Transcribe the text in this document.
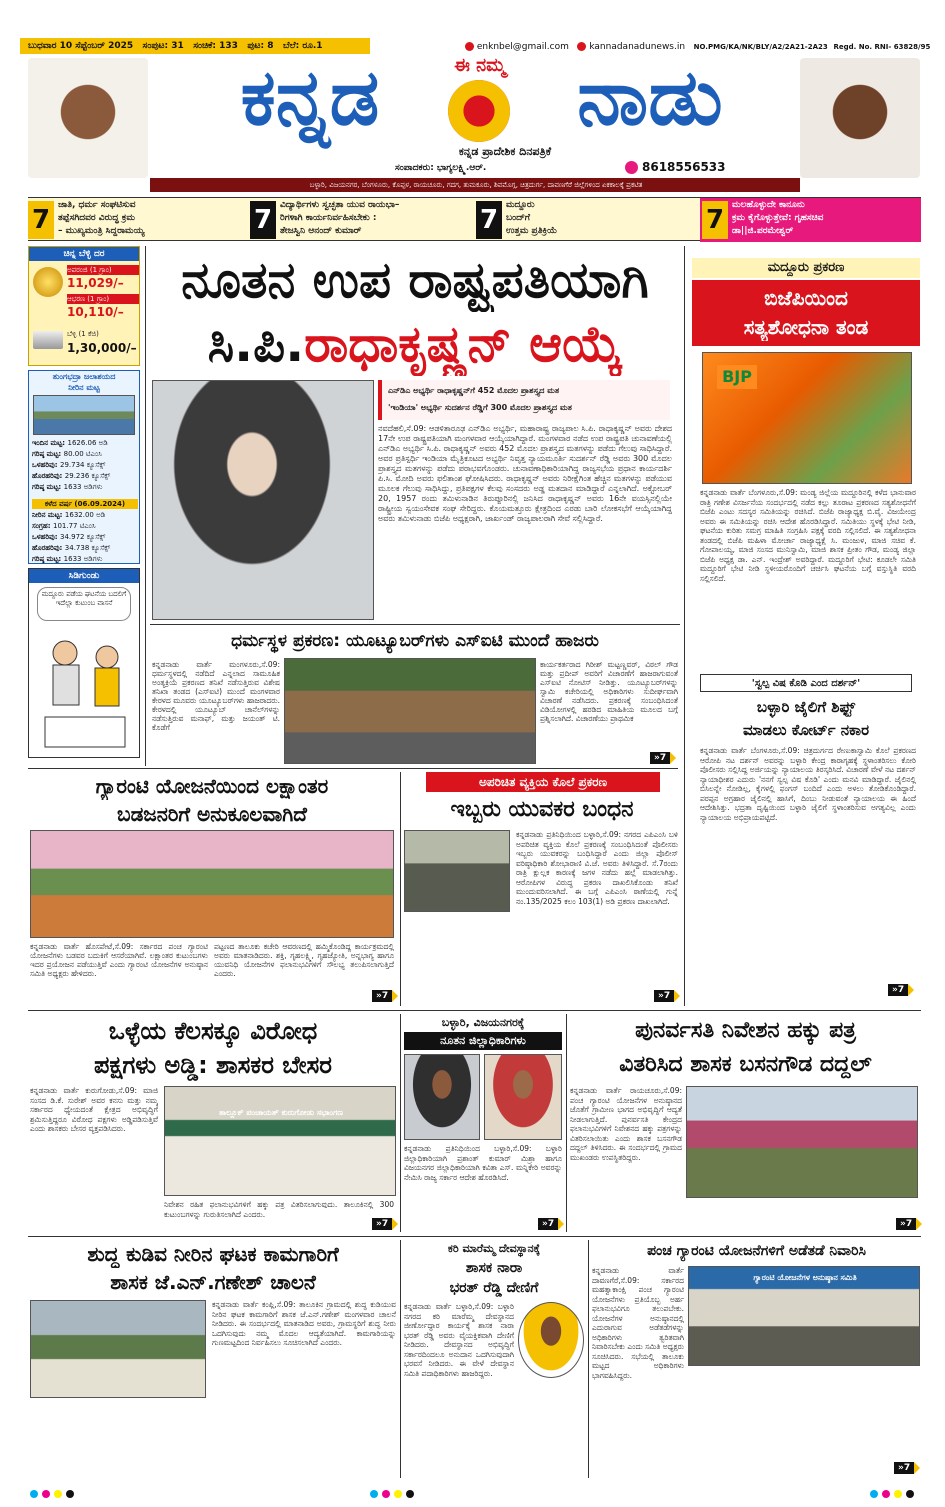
ಬುಧವಾರ 10 ಸೆಪ್ಟೆಂಬರ್ 2025 ಸಂಪುಟ: 31 ಸಂಚಿಕೆ: 133 ಪುಟ: 8 ಬೆಲೆ: ರೂ.1	enknbel@gmail.com kannadanadunews.in NO.PMG/KA/NK/BLY/A2/2A21-2A23 Regd. No. RNI- 63828/95
ಕನ್ನಡ	ಈ ನಮ್ಮ ನಾಡು
ಕನ್ನಡ ಪ್ರಾದೇಶಿಕ ದಿನಪತ್ರಿಕೆ
ಸಂಪಾದಕರು: ಭಾಗ್ಯಲಕ್ಷ್ಮಿ.ಆರ್.	8618556533
ಬಳ್ಳಾರಿ, ವಿಜಯನಗರ, ಬೆಂಗಳೂರು, ಕೊಪ್ಪಳ, ರಾಯಚೂರು, ಗದಗ, ತುಮಕೂರು, ಶಿವಮೊಗ್ಗ, ಚಿತ್ರದುರ್ಗ, ದಾವಣಗೆರೆ ಜಿಲ್ಲೆಗಳಿಂದ ಏಕಕಾಲಕ್ಕೆ ಪ್ರಕಟಿತ
7 ಜಾತಿ, ಧರ್ಮ ಸಂಘಟಿಸುವ
ತಪ್ಪೆಸಗಿದವರ ವಿರುದ್ಧ ಕ್ರಮ
– ಮುಖ್ಯಮಂತ್ರಿ ಸಿದ್ದರಾಮಯ್ಯ	7 ವಿದ್ಯಾರ್ಥಿಗಳು ಸ್ವಚ್ಛತಾ ಯುವ ರಾಯಭಾ–
ರಿಗಳಾಗಿ ಕಾರ್ಯನಿರ್ವಹಿಸಬೇಕು :
ತೇಜಸ್ವಿನಿ ಆನಂದ್ ಕುಮಾರ್	7 ಮದ್ದೂರು
ಬಂದ್‌ಗೆ
ಉತ್ತಮ ಪ್ರತಿಕ್ರಿಯೆ	7 ಮಲಹೊಳ್ಳುದೇ ಕಾನೂನು
ಕ್ರಮ ಕೈಗೊಳ್ಳುತ್ತೇವೆ: ಗೃಹಸಚಿವ
ಡಾ||ಜಿ.ಪರಮೇಶ್ವರ್
ಚಿನ್ನ ಬೆಳ್ಳಿ ದರ
ಅಪರಂಜಿ (1 ಗ್ರಾಂ)
11,029/–
ಆಭರಣ (1 ಗ್ರಾಂ)
10,110/–
ಬೆಳ್ಳಿ (1 ಕೆಜಿ)
1,30,000/–
ತುಂಗಭದ್ರಾ ಜಲಾಶಯದ
ನೀರಿನ ಮಟ್ಟ
ಇಂದಿನ ಮಟ್ಟ: 1626.06 ಅಡಿ
ಗರಿಷ್ಠ ಮಟ್ಟ: 80.00 ಟಿಎಂಸಿ
ಒಳಹರಿವು: 29.734 ಕ್ಯೂಸೆಕ್ಸ್
ಹೊರಹರಿವು: 29.236 ಕ್ಯೂಸೆಕ್ಸ್
ಗರಿಷ್ಠ ಮಟ್ಟ: 1633 ಅಡಿಗಳು
ಕಳೆದ ವರ್ಷ (06.09.2024)
ನೀರಿನ ಮಟ್ಟ: 1632.00 ಅಡಿ
ಸಂಗ್ರಹ: 101.77 ಟಿಎಂಸಿ
ಒಳಹರಿವು: 34.972 ಕ್ಯೂಸೆಕ್ಸ್
ಹೊರಹರಿವು: 34.738 ಕ್ಯೂಸೆಕ್ಸ್
ಗರಿಷ್ಠ ಮಟ್ಟ: 1633 ಅಡಿಗಳು
ಸಿಡಿಗುಂಡು
ಮದ್ದೂರು ಪಡೆಯ ಘಟನೆಯ ಬದಲಿಗೆ ಇದೆಲ್ಲಾ ಕುಟುಂಬ ವಾಸನೆ
ನೂತನ ಉಪ ರಾಷ್ಟ್ರಪತಿಯಾಗಿ
ಸಿ.ಪಿ.ರಾಧಾಕೃಷ್ಣನ್ ಆಯ್ಕೆ
ಎನ್‌ಡಿಎ ಅಭ್ಯರ್ಥಿ ರಾಧಾಕೃಷ್ಣನ್‌ಗೆ 452 ಮೊದಲ ಪ್ರಾಶಸ್ತ್ಯದ ಮತ
'ಇಂಡಿಯಾ' ಅಭ್ಯರ್ಥಿ ಸುದರ್ಶನ ರೆಡ್ಡಿಗೆ 300 ಮೊದಲ ಪ್ರಾಶಸ್ತ್ಯದ ಮತ
ನವದೆಹಲಿ,ಸೆ.09: ಆಡಳಿತಾರೂಢ ಎನ್‌ಡಿಎ ಅಭ್ಯರ್ಥಿ, ಮಹಾರಾಷ್ಟ್ರ ರಾಜ್ಯಪಾಲ ಸಿ.ಪಿ. ರಾಧಾಕೃಷ್ಣನ್ ಅವರು ದೇಶದ 17ನೇ ಉಪ ರಾಷ್ಟ್ರಪತಿಯಾಗಿ ಮಂಗಳವಾರ ಆಯ್ಕೆಯಾಗಿದ್ದಾರೆ. ಮಂಗಳವಾರ ನಡೆದ ಉಪ ರಾಷ್ಟ್ರಪತಿ ಚುನಾವಣೆಯಲ್ಲಿ ಎನ್‌ಡಿಎ ಅಭ್ಯರ್ಥಿ ಸಿ.ಪಿ. ರಾಧಾಕೃಷ್ಣನ್ ಅವರು 452 ಮೊದಲ ಪ್ರಾಶಸ್ತ್ಯದ ಮತಗಳನ್ನು ಪಡೆದು ಗೆಲುವು ಸಾಧಿಸಿದ್ದಾರೆ. ಅವರ ಪ್ರತಿಸ್ಪರ್ಧಿ ಇಂಡಿಯಾ ಮೈತ್ರಿಕೂಟದ ಅಭ್ಯರ್ಥಿ ನಿವೃತ್ತ ನ್ಯಾಯಮೂರ್ತಿ ಸುದರ್ಶನ್ ರೆಡ್ಡಿ ಅವರು 300 ಮೊದಲ ಪ್ರಾಶಸ್ತ್ಯದ ಮತಗಳನ್ನು ಪಡೆದು ಪರಾಭವಗೊಂಡರು. ಚುನಾವಣಾಧಿಕಾರಿಯಾಗಿದ್ದ ರಾಜ್ಯಸಭೆಯ ಪ್ರಧಾನ ಕಾರ್ಯದರ್ಶಿ ಪಿ.ಸಿ. ಮೋದಿ ಅವರು ಫಲಿತಾಂಶ ಘೋಷಿಸಿದರು. ರಾಧಾಕೃಷ್ಣನ್ ಅವರು ನಿರೀಕ್ಷೆಗಿಂತ ಹೆಚ್ಚಿನ ಮತಗಳನ್ನು ಪಡೆಯುವ ಮೂಲಕ ಗೆಲುವು ಸಾಧಿಸಿದ್ದು, ಪ್ರತಿಪಕ್ಷಗಳ ಕೆಲವು ಸಂಸದರು ಅಡ್ಡ ಮತದಾನ ಮಾಡಿದ್ದಾರೆ ಎನ್ನಲಾಗಿದೆ. ಅಕ್ಟೋಬರ್ 20, 1957 ರಂದು ತಮಿಳುನಾಡಿನ ತಿರುಪ್ಪೂರಿನಲ್ಲಿ ಜನಿಸಿದ ರಾಧಾಕೃಷ್ಣನ್ ಅವರು 16ನೇ ವಯಸ್ಸಿನಲ್ಲಿಯೇ ರಾಷ್ಟ್ರೀಯ ಸ್ವಯಂಸೇವಕ ಸಂಘ ಸೇರಿದ್ದರು. ಕೊಯಮತ್ತೂರು ಕ್ಷೇತ್ರದಿಂದ ಎರಡು ಬಾರಿ ಲೋಕಸಭೆಗೆ ಆಯ್ಕೆಯಾಗಿದ್ದ ಅವರು ತಮಿಳುನಾಡು ಬಿಜೆಪಿ ಅಧ್ಯಕ್ಷರಾಗಿ, ಜಾರ್ಖಂಡ್ ರಾಜ್ಯಪಾಲರಾಗಿ ಸೇವೆ ಸಲ್ಲಿಸಿದ್ದಾರೆ.
ಧರ್ಮಸ್ಥಳ ಪ್ರಕರಣ: ಯೂಟ್ಯೂಬರ್‌ಗಳು ಎಸ್‌ಐಟಿ ಮುಂದೆ ಹಾಜರು
ಕನ್ನಡನಾಡು ವಾರ್ತೆ ಮಂಗಳೂರು,ಸೆ.09: ಧರ್ಮಸ್ಥಳದಲ್ಲಿ ನಡೆದಿದೆ ಎನ್ನಲಾದ ಸಾಮೂಹಿಕ ಅಂತ್ಯಕ್ರಿಯೆ ಪ್ರಕರಣದ ತನಿಖೆ ನಡೆಸುತ್ತಿರುವ ವಿಶೇಷ ತನಿಖಾ ತಂಡದ (ಎಸ್‌ಐಟಿ) ಮುಂದೆ ಮಂಗಳವಾರ ಕೇರಳದ ಮೂವರು ಯೂಟ್ಯೂಬರ್‌ಗಳು ಹಾಜರಾದರು. ಕೇರಳದಲ್ಲಿ ಯೂಟ್ಯೂಬ್ ಚಾನೆಲ್‌ಗಳನ್ನು ನಡೆಸುತ್ತಿರುವ ಮನಾಫ್, ಮತ್ತು ಜಯಂತ್ ಟಿ. ಕೊಡೆಗೆ
ಕಾರ್ಯಕರ್ತರಾದ ಗಿರೀಶ್ ಮಟ್ಟಣ್ಣವರ್, ವಿಠಲ್ ಗೌಡ ಮತ್ತು ಪ್ರದೀಪ್ ಅವರಿಗೆ ವಿಚಾರಣೆಗೆ ಹಾಜರಾಗುವಂತೆ ಎಸ್‌ಐಟಿ ನೋಟಿಸ್ ನೀಡಿತ್ತು. ಯೂಟ್ಯೂಬರ್‌ಗಳನ್ನು ಸ್ವಾಮಿ ಕಚೇರಿಯಲ್ಲಿ ಅಧಿಕಾರಿಗಳು ಸುದೀರ್ಘವಾಗಿ ವಿಚಾರಣೆ ನಡೆಸಿದರು. ಪ್ರಕರಣಕ್ಕೆ ಸಂಬಂಧಿಸಿದಂತೆ ವಿಡಿಯೋಗಳಲ್ಲಿ ಹರಡಿದ ಮಾಹಿತಿಯ ಮೂಲದ ಬಗ್ಗೆ ಪ್ರಶ್ನಿಸಲಾಗಿದೆ. ವಿಚಾರಣೆಯು ಪ್ರಾಥಮಿಕ
»7
ಮದ್ದೂರು ಪ್ರಕರಣ
ಬಿಜೆಪಿಯಿಂದ
ಸತ್ಯಶೋಧನಾ ತಂಡ
BJP
ಕನ್ನಡನಾಡು ವಾರ್ತೆ ಬೆಂಗಳೂರು,ಸೆ.09: ಮಂಡ್ಯ ಜಿಲ್ಲೆಯ ಮದ್ದೂರಿನಲ್ಲಿ ಕಳೆದ ಭಾನುವಾರ ರಾತ್ರಿ ಗಣೇಶ ವಿಸರ್ಜನೆಯ ಸಂದರ್ಭದಲ್ಲಿ ನಡೆದ ಕಲ್ಲು ತೂರಾಟ ಪ್ರಕರಣದ ಸತ್ಯಶೋಧನೆಗೆ ಬಿಜೆಪಿ ಎಂಟು ಸದಸ್ಯರ ಸಮಿತಿಯನ್ನು ರಚಿಸಿದೆ. ಬಿಜೆಪಿ ರಾಜ್ಯಾಧ್ಯಕ್ಷ ಬಿ.ವೈ. ವಿಜಯೇಂದ್ರ ಅವರು ಈ ಸಮಿತಿಯನ್ನು ರಚಿಸಿ ಆದೇಶ ಹೊರಡಿಸಿದ್ದಾರೆ. ಸಮಿತಿಯು ಸ್ಥಳಕ್ಕೆ ಭೇಟಿ ನೀಡಿ, ಘಟನೆಯ ಕುರಿತು ಸಮಗ್ರ ಮಾಹಿತಿ ಸಂಗ್ರಹಿಸಿ ಪಕ್ಷಕ್ಕೆ ವರದಿ ಸಲ್ಲಿಸಲಿದೆ. ಈ ಸತ್ಯಶೋಧನಾ ತಂಡದಲ್ಲಿ ಬಿಜೆಪಿ ಮಹಿಳಾ ಮೋರ್ಚಾ ರಾಜ್ಯಾಧ್ಯಕ್ಷೆ ಸಿ. ಮಂಜುಳ, ಮಾಜಿ ಸಚಿವ ಕೆ. ಗೋಪಾಲಯ್ಯ, ಮಾಜಿ ಸಂಸದ ಮುನಿಸ್ವಾಮಿ, ಮಾಜಿ ಶಾಸಕ ಪ್ರೀತಂ ಗೌಡ, ಮಂಡ್ಯ ಜಿಲ್ಲಾ ಬಿಜೆಪಿ ಅಧ್ಯಕ್ಷ ಡಾ. ಎನ್. ಇಂದ್ರೇಶ್ ಅವರಿದ್ದಾರೆ. ಮದ್ದೂರಿಗೆ ಭೇಟಿ: ಕೂಡಲೇ ಸಮಿತಿ ಮದ್ದೂರಿಗೆ ಭೇಟಿ ನೀಡಿ ಸ್ಥಳೀಯರೊಂದಿಗೆ ಚರ್ಚಿಸಿ ಘಟನೆಯ ಬಗ್ಗೆ ವಸ್ತುಸ್ಥಿತಿ ವರದಿ ಸಲ್ಲಿಸಲಿದೆ.
'ಸ್ವಲ್ಪ ವಿಷ ಕೊಡಿ ಎಂದ ದರ್ಶನ್'
ಬಳ್ಳಾರಿ ಜೈಲಿಗೆ ಶಿಫ್ಟ್
ಮಾಡಲು ಕೋರ್ಟ್ ನಕಾರ
ಕನ್ನಡನಾಡು ವಾರ್ತೆ ಬೆಂಗಳೂರು,ಸೆ.09: ಚಿತ್ರದುರ್ಗದ ರೇಣುಕಾಸ್ವಾಮಿ ಕೊಲೆ ಪ್ರಕರಣದ ಆರೋಪಿ ನಟ ದರ್ಶನ್ ಅವರನ್ನು ಬಳ್ಳಾರಿ ಕೇಂದ್ರ ಕಾರಾಗೃಹಕ್ಕೆ ಸ್ಥಳಾಂತರಿಸಲು ಕೋರಿ ಪೊಲೀಸರು ಸಲ್ಲಿಸಿದ್ದ ಅರ್ಜಿಯನ್ನು ನ್ಯಾಯಾಲಯ ತಿರಸ್ಕರಿಸಿದೆ. ವಿಚಾರಣೆ ವೇಳೆ ನಟ ದರ್ಶನ್ ನ್ಯಾಯಾಧೀಶರ ಎದುರು 'ನನಗೆ ಸ್ವಲ್ಪ ವಿಷ ಕೊಡಿ' ಎಂದು ಮನವಿ ಮಾಡಿದ್ದಾರೆ. ಜೈಲಿನಲ್ಲಿ ಬಿಸಿಲನ್ನೇ ನೋಡಿಲ್ಲ, ಕೈಗಳಲ್ಲಿ ಫಂಗಸ್ ಬಂದಿದೆ ಎಂದು ಅಳಲು ತೋಡಿಕೊಂಡಿದ್ದಾರೆ. ಪರಪ್ಪನ ಅಗ್ರಹಾರ ಜೈಲಿನಲ್ಲಿ ಹಾಸಿಗೆ, ದಿಂಬು ನೀಡುವಂತೆ ನ್ಯಾಯಾಲಯ ಈ ಹಿಂದೆ ಆದೇಶಿಸಿತ್ತು. ಭದ್ರತಾ ದೃಷ್ಟಿಯಿಂದ ಬಳ್ಳಾರಿ ಜೈಲಿಗೆ ಸ್ಥಳಾಂತರಿಸುವ ಅಗತ್ಯವಿಲ್ಲ ಎಂದು ನ್ಯಾಯಾಲಯ ಅಭಿಪ್ರಾಯಪಟ್ಟಿದೆ.
»7
ಗ್ಯಾರಂಟಿ ಯೋಜನೆಯಿಂದ ಲಕ್ಷಾಂತರ
ಬಡಜನರಿಗೆ ಅನುಕೂಲವಾಗಿದೆ
ಕನ್ನಡನಾಡು ವಾರ್ತೆ ಹೊಸಪೇಟೆ,ಸೆ.09: ಸರ್ಕಾರದ ಪಂಚ ಗ್ಯಾರಂಟಿ ಯೋಜನೆಗಳು ಬಡವರ ಬದುಕಿಗೆ ಆಸರೆಯಾಗಿವೆ. ಲಕ್ಷಾಂತರ ಕುಟುಂಬಗಳು ಇದರ ಪ್ರಯೋಜನ ಪಡೆಯುತ್ತಿವೆ ಎಂದು ಗ್ಯಾರಂಟಿ ಯೋಜನೆಗಳ ಅನುಷ್ಠಾನ ಸಮಿತಿ ಅಧ್ಯಕ್ಷರು ಹೇಳಿದರು.
ಪಟ್ಟಣದ ತಾಲೂಕು ಕಚೇರಿ ಆವರಣದಲ್ಲಿ ಹಮ್ಮಿಕೊಂಡಿದ್ದ ಕಾರ್ಯಕ್ರಮದಲ್ಲಿ ಅವರು ಮಾತನಾಡಿದರು. ಶಕ್ತಿ, ಗೃಹಲಕ್ಷ್ಮಿ, ಗೃಹಜ್ಯೋತಿ, ಅನ್ನಭಾಗ್ಯ ಹಾಗೂ ಯುವನಿಧಿ ಯೋಜನೆಗಳ ಫಲಾನುಭವಿಗಳಿಗೆ ಸೌಲಭ್ಯ ತಲುಪಿಸಲಾಗುತ್ತಿದೆ ಎಂದರು.
»7
ಅಪರಿಚಿತ ವ್ಯಕ್ತಿಯ ಕೊಲೆ ಪ್ರಕರಣ
ಇಬ್ಬರು ಯುವಕರ ಬಂಧನ
ಕನ್ನಡನಾಡು ಪ್ರತಿನಿಧಿಯಿಂದ ಬಳ್ಳಾರಿ,ಸೆ.09: ನಗರದ ಎಪಿಎಂಸಿ ಬಳಿ ಅಪರಿಚಿತ ವ್ಯಕ್ತಿಯ ಕೊಲೆ ಪ್ರಕರಣಕ್ಕೆ ಸಂಬಂಧಿಸಿದಂತೆ ಪೊಲೀಸರು ಇಬ್ಬರು ಯುವಕರನ್ನು ಬಂಧಿಸಿದ್ದಾರೆ ಎಂದು ಜಿಲ್ಲಾ ಪೊಲೀಸ್ ವರಿಷ್ಠಾಧಿಕಾರಿ ಶೋಭಾರಾಣಿ ವಿ.ಜೆ. ಅವರು ತಿಳಿಸಿದ್ದಾರೆ. ಸೆ.7ರಂದು ರಾತ್ರಿ ಕ್ಷುಲ್ಲಕ ಕಾರಣಕ್ಕೆ ಜಗಳ ನಡೆದು ಹಲ್ಲೆ ಮಾಡಲಾಗಿತ್ತು. ಆರೋಪಿಗಳ ವಿರುದ್ಧ ಪ್ರಕರಣ ದಾಖಲಿಸಿಕೊಂಡು ತನಿಖೆ ಮುಂದುವರಿಸಲಾಗಿದೆ. ಈ ಬಗ್ಗೆ ಎಪಿಎಂಸಿ ಠಾಣೆಯಲ್ಲಿ ಗುನ್ನೆ ನಂ.135/2025 ಕಲಂ 103(1) ಅಡಿ ಪ್ರಕರಣ ದಾಖಲಾಗಿದೆ.
»7
ಒಳ್ಳೆಯ ಕೆಲಸಕ್ಕೂ ವಿರೋಧ
ಪಕ್ಷಗಳು ಅಡ್ಡಿ: ಶಾಸಕರ ಬೇಸರ
ಕನ್ನಡನಾಡು ವಾರ್ತೆ ಕುರುಗೋಡು,ಸೆ.09: ಮಾಜಿ ಸಂಸದ ಡಿ.ಕೆ. ಸುರೇಶ್ ಅವರ ಕನಸು ಮತ್ತು ನಮ್ಮ ಸರ್ಕಾರದ ಧ್ಯೇಯದಂತೆ ಕ್ಷೇತ್ರದ ಅಭಿವೃದ್ಧಿಗೆ ಶ್ರಮಿಸುತ್ತಿದ್ದರೂ ವಿರೋಧ ಪಕ್ಷಗಳು ಅಡ್ಡಿಪಡಿಸುತ್ತಿವೆ ಎಂದು ಶಾಸಕರು ಬೇಸರ ವ್ಯಕ್ತಪಡಿಸಿದರು.
ತಾಲ್ಲೂಕ್ ಪಂಚಾಯತ್ ಕುರುಗೋಡು ಸಭಾಂಗಣ
ನಿವೇಶನ ರಹಿತ ಫಲಾನುಭವಿಗಳಿಗೆ ಹಕ್ಕು ಪತ್ರ ವಿತರಿಸಲಾಗುವುದು. ತಾಲೂಕಿನಲ್ಲಿ 300 ಕುಟುಂಬಗಳನ್ನು ಗುರುತಿಸಲಾಗಿದೆ ಎಂದರು.
»7
ಬಳ್ಳಾರಿ, ವಿಜಯನಗರಕ್ಕೆ
ನೂತನ ಜಿಲ್ಲಾಧಿಕಾರಿಗಳು
ಕನ್ನಡನಾಡು ಪ್ರತಿನಿಧಿಯಿಂದ ಬಳ್ಳಾರಿ,ಸೆ.09: ಬಳ್ಳಾರಿ ಜಿಲ್ಲಾಧಿಕಾರಿಯಾಗಿ ಪ್ರಶಾಂತ್ ಕುಮಾರ್ ಮಿಶ್ರಾ ಹಾಗೂ ವಿಜಯನಗರ ಜಿಲ್ಲಾಧಿಕಾರಿಯಾಗಿ ಕವಿತಾ ಎಸ್. ಮನ್ನಿಕೇರಿ ಅವರನ್ನು ನೇಮಿಸಿ ರಾಜ್ಯ ಸರ್ಕಾರ ಆದೇಶ ಹೊರಡಿಸಿದೆ.
»7
ಪುನರ್ವಸತಿ ನಿವೇಶನ ಹಕ್ಕು ಪತ್ರ
ವಿತರಿಸಿದ ಶಾಸಕ ಬಸನಗೌಡ ದದ್ದಲ್
ಕನ್ನಡನಾಡು ವಾರ್ತೆ ರಾಯಚೂರು,ಸೆ.09: ಪಂಚ ಗ್ಯಾರಂಟಿ ಯೋಜನೆಗಳ ಅನುಷ್ಠಾನದ ಜೊತೆಗೆ ಗ್ರಾಮೀಣ ಭಾಗದ ಅಭಿವೃದ್ಧಿಗೆ ಆದ್ಯತೆ ನೀಡಲಾಗುತ್ತಿದೆ. ಪುನರ್ವಸತಿ ಕೇಂದ್ರದ ಫಲಾನುಭವಿಗಳಿಗೆ ನಿವೇಶನದ ಹಕ್ಕು ಪತ್ರಗಳನ್ನು ವಿತರಿಸಲಾಯಿತು ಎಂದು ಶಾಸಕ ಬಸನಗೌಡ ದದ್ದಲ್ ತಿಳಿಸಿದರು. ಈ ಸಂದರ್ಭದಲ್ಲಿ ಗ್ರಾಮದ ಮುಖಂಡರು ಉಪಸ್ಥಿತರಿದ್ದರು.
»7
ಶುದ್ಧ ಕುಡಿವ ನೀರಿನ ಘಟಕ ಕಾಮಗಾರಿಗೆ
ಶಾಸಕ ಜೆ.ಎನ್.ಗಣೇಶ್ ಚಾಲನೆ
ಕನ್ನಡನಾಡು ವಾರ್ತೆ ಕಂಪ್ಲಿ,ಸೆ.09: ತಾಲೂಕಿನ ಗ್ರಾಮದಲ್ಲಿ ಶುದ್ಧ ಕುಡಿಯುವ ನೀರಿನ ಘಟಕ ಕಾಮಗಾರಿಗೆ ಶಾಸಕ ಜೆ.ಎನ್.ಗಣೇಶ್ ಮಂಗಳವಾರ ಚಾಲನೆ ನೀಡಿದರು. ಈ ಸಂದರ್ಭದಲ್ಲಿ ಮಾತನಾಡಿದ ಅವರು, ಗ್ರಾಮಸ್ಥರಿಗೆ ಶುದ್ಧ ನೀರು ಒದಗಿಸುವುದು ನಮ್ಮ ಮೊದಲ ಆದ್ಯತೆಯಾಗಿದೆ. ಕಾಮಗಾರಿಯನ್ನು ಗುಣಮಟ್ಟದಿಂದ ನಿರ್ವಹಿಸಲು ಸೂಚಿಸಲಾಗಿದೆ ಎಂದರು.
ಕರಿ ಮಾರೆಮ್ಮ ದೇವಸ್ಥಾನಕ್ಕೆ
ಶಾಸಕ ನಾರಾ
ಭರತ್ ರೆಡ್ಡಿ ದೇಣಿಗೆ
ಕನ್ನಡನಾಡು ವಾರ್ತೆ ಬಳ್ಳಾರಿ,ಸೆ.09: ಬಳ್ಳಾರಿ ನಗರದ ಕರಿ ಮಾರೆಮ್ಮ ದೇವಸ್ಥಾನದ ಜೀರ್ಣೋದ್ಧಾರ ಕಾರ್ಯಕ್ಕೆ ಶಾಸಕ ನಾರಾ ಭರತ್ ರೆಡ್ಡಿ ಅವರು ವೈಯಕ್ತಿಕವಾಗಿ ದೇಣಿಗೆ ನೀಡಿದರು. ದೇವಸ್ಥಾನದ ಅಭಿವೃದ್ಧಿಗೆ ಸರ್ಕಾರದಿಂದಲೂ ಅನುದಾನ ಒದಗಿಸುವುದಾಗಿ ಭರವಸೆ ನೀಡಿದರು. ಈ ವೇಳೆ ದೇವಸ್ಥಾನ ಸಮಿತಿ ಪದಾಧಿಕಾರಿಗಳು ಹಾಜರಿದ್ದರು.
ಪಂಚ ಗ್ಯಾರಂಟಿ ಯೋಜನೆಗಳಿಗೆ ಅಡೆತಡೆ ನಿವಾರಿಸಿ
ಕನ್ನಡನಾಡು ವಾರ್ತೆ ದಾವಣಗೆರೆ,ಸೆ.09: ಸರ್ಕಾರದ ಮಹತ್ವಾಕಾಂಕ್ಷಿ ಪಂಚ ಗ್ಯಾರಂಟಿ ಯೋಜನೆಗಳು ಪ್ರತಿಯೊಬ್ಬ ಅರ್ಹ ಫಲಾನುಭವಿಗೂ ತಲುಪಬೇಕು. ಯೋಜನೆಗಳ ಅನುಷ್ಠಾನದಲ್ಲಿ ಎದುರಾಗುವ ಅಡೆತಡೆಗಳನ್ನು ಅಧಿಕಾರಿಗಳು ತ್ವರಿತವಾಗಿ ನಿವಾರಿಸಬೇಕು ಎಂದು ಸಮಿತಿ ಅಧ್ಯಕ್ಷರು ಸೂಚಿಸಿದರು. ಸಭೆಯಲ್ಲಿ ತಾಲೂಕು ಮಟ್ಟದ ಅಧಿಕಾರಿಗಳು ಭಾಗವಹಿಸಿದ್ದರು.
ಗ್ಯಾರಂಟಿ ಯೋಜನೆಗಳ ಅನುಷ್ಠಾನ ಸಮಿತಿ
»7
